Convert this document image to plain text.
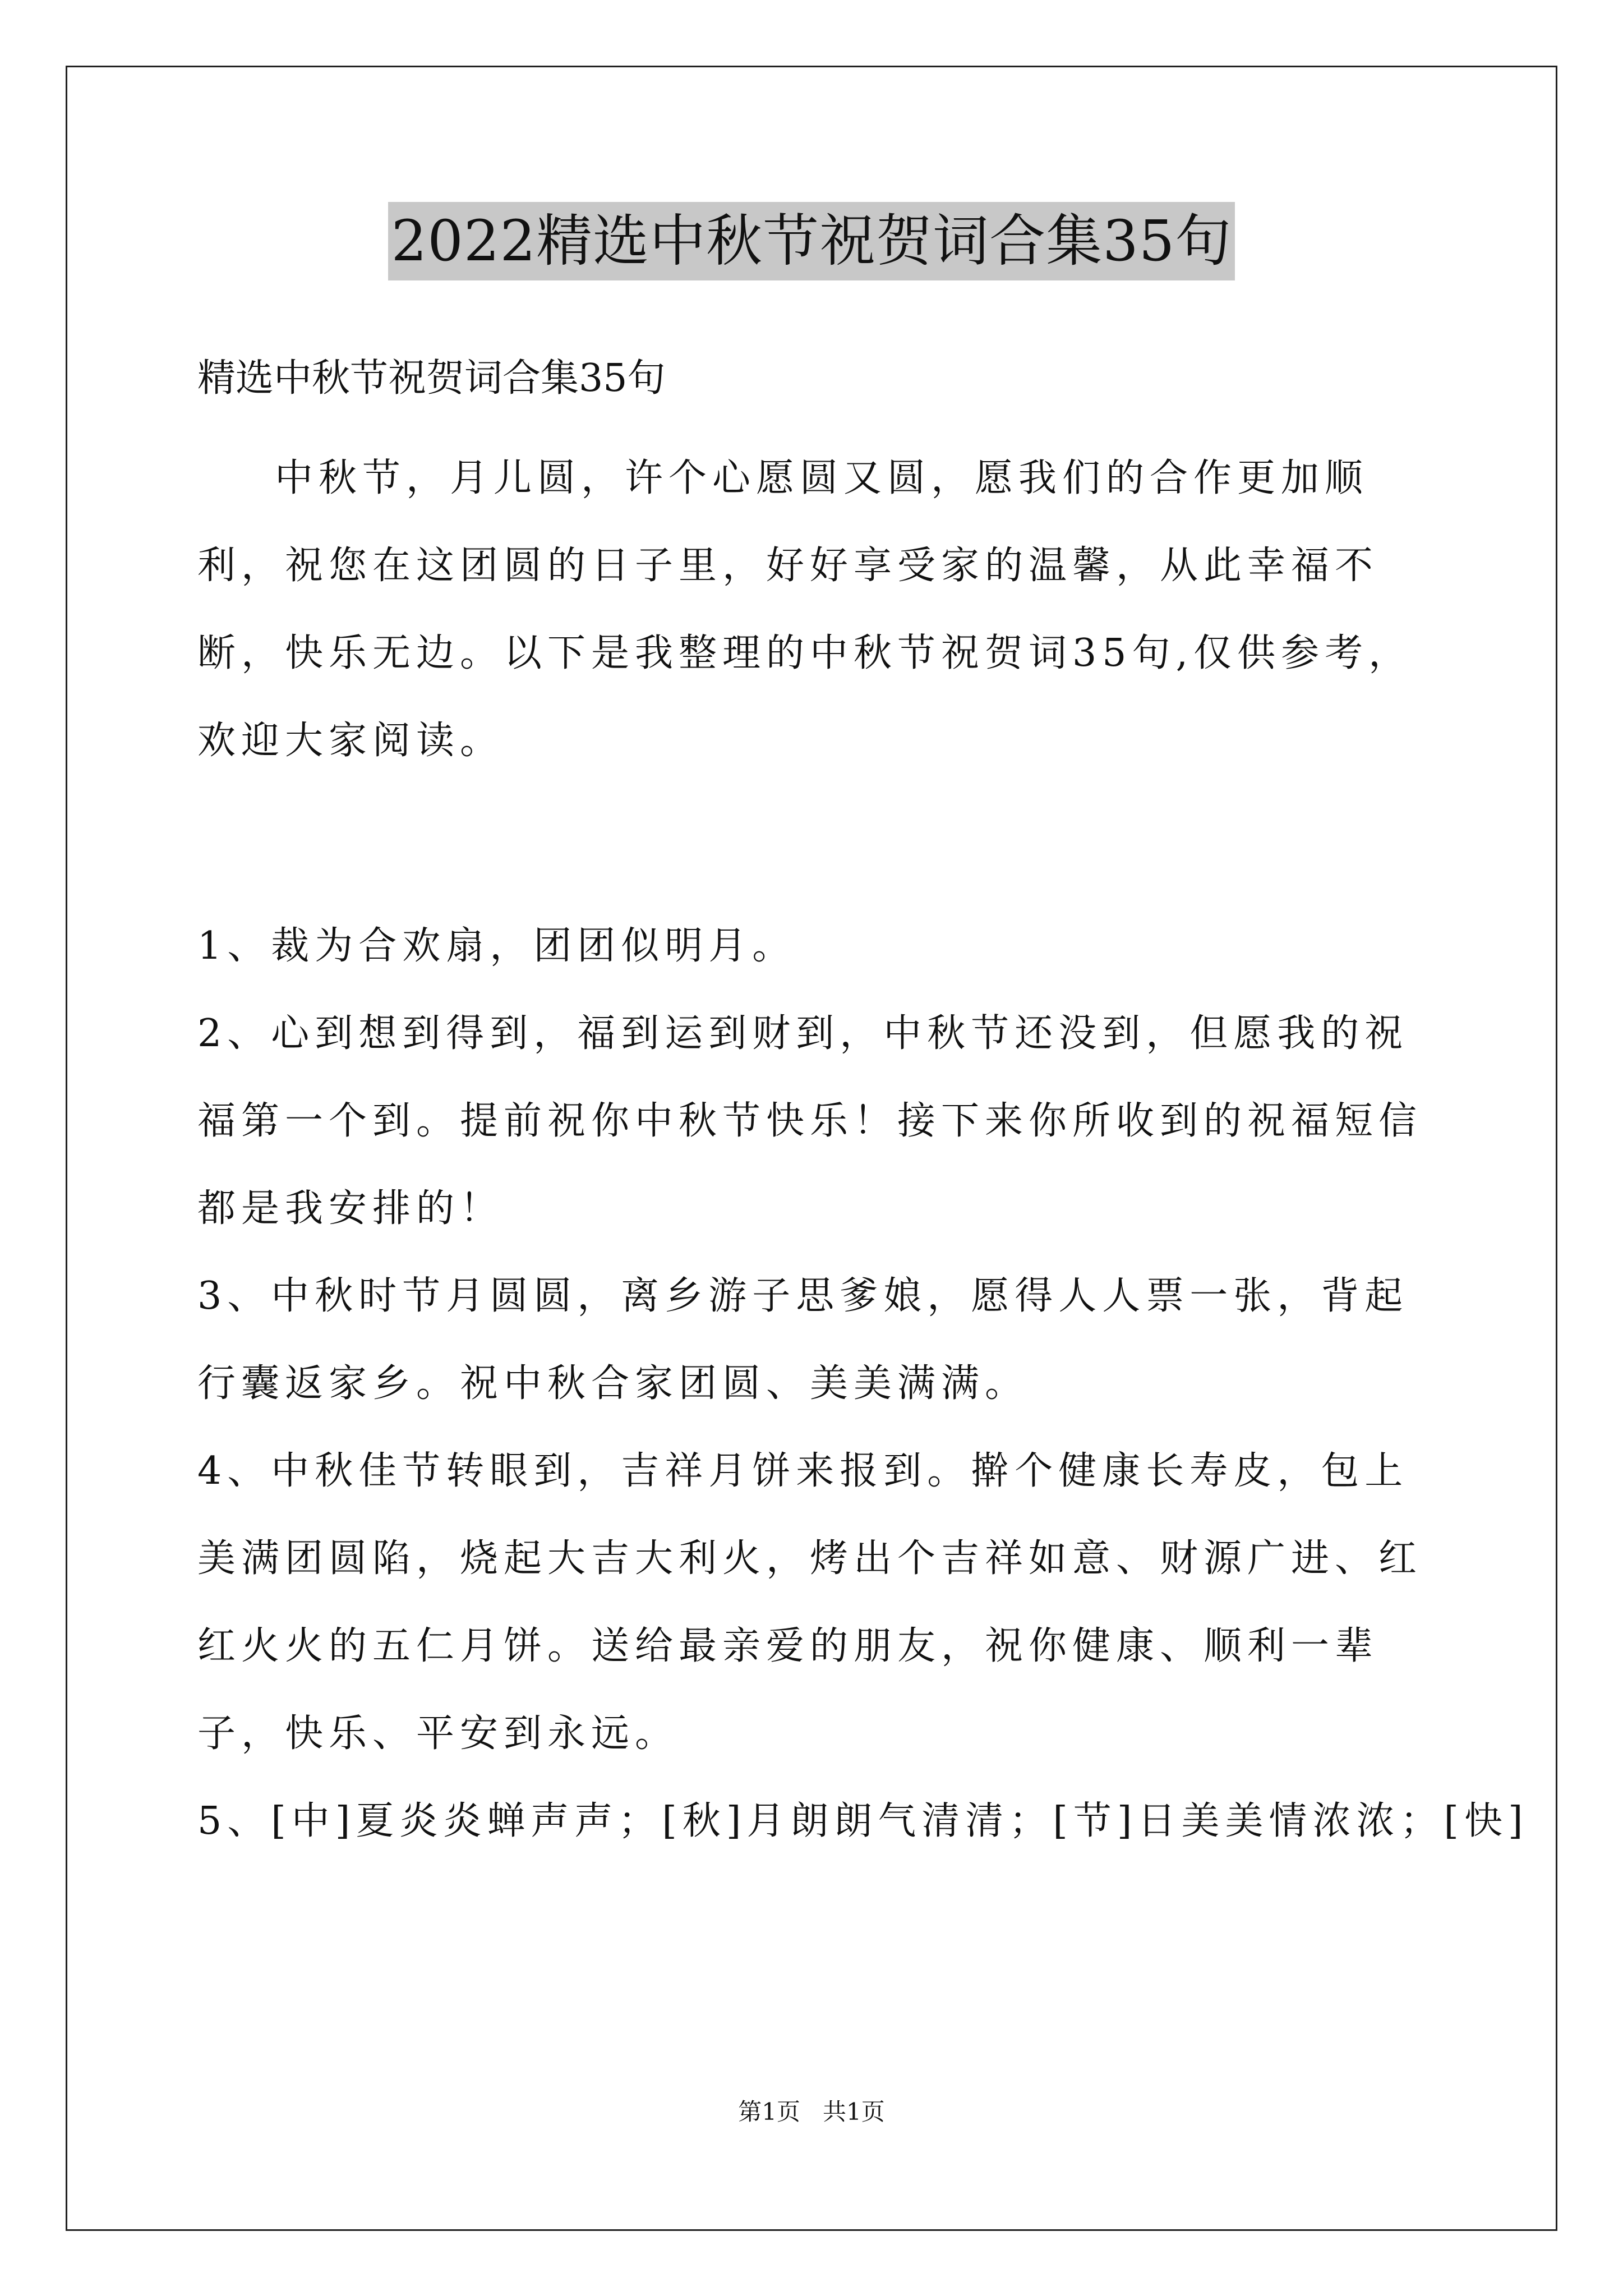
2022精选中秋节祝贺词合集35句

精选中秋节祝贺词合集35句

中秋节，月儿圆，许个心愿圆又圆，愿我们的合作更加顺利，祝您在这团圆的日子里，好好享受家的温馨，从此幸福不断，快乐无边。以下是我整理的中秋节祝贺词35句,仅供参考，欢迎大家阅读。

1、裁为合欢扇，团团似明月。

2、心到想到得到，福到运到财到，中秋节还没到，但愿我的祝福第一个到。提前祝你中秋节快乐！接下来你所收到的祝福短信都是我安排的！

3、中秋时节月圆圆，离乡游子思爹娘，愿得人人票一张，背起行囊返家乡。祝中秋合家团圆、美美满满。

4、中秋佳节转眼到，吉祥月饼来报到。擀个健康长寿皮，包上美满团圆陷，烧起大吉大利火，烤出个吉祥如意、财源广进、红红火火的五仁月饼。送给最亲爱的朋友，祝你健康、顺利一辈子，快乐、平安到永远。

5、[中]夏炎炎蝉声声；[秋]月朗朗气清清；[节]日美美情浓浓；[快]

第1页   共1页
